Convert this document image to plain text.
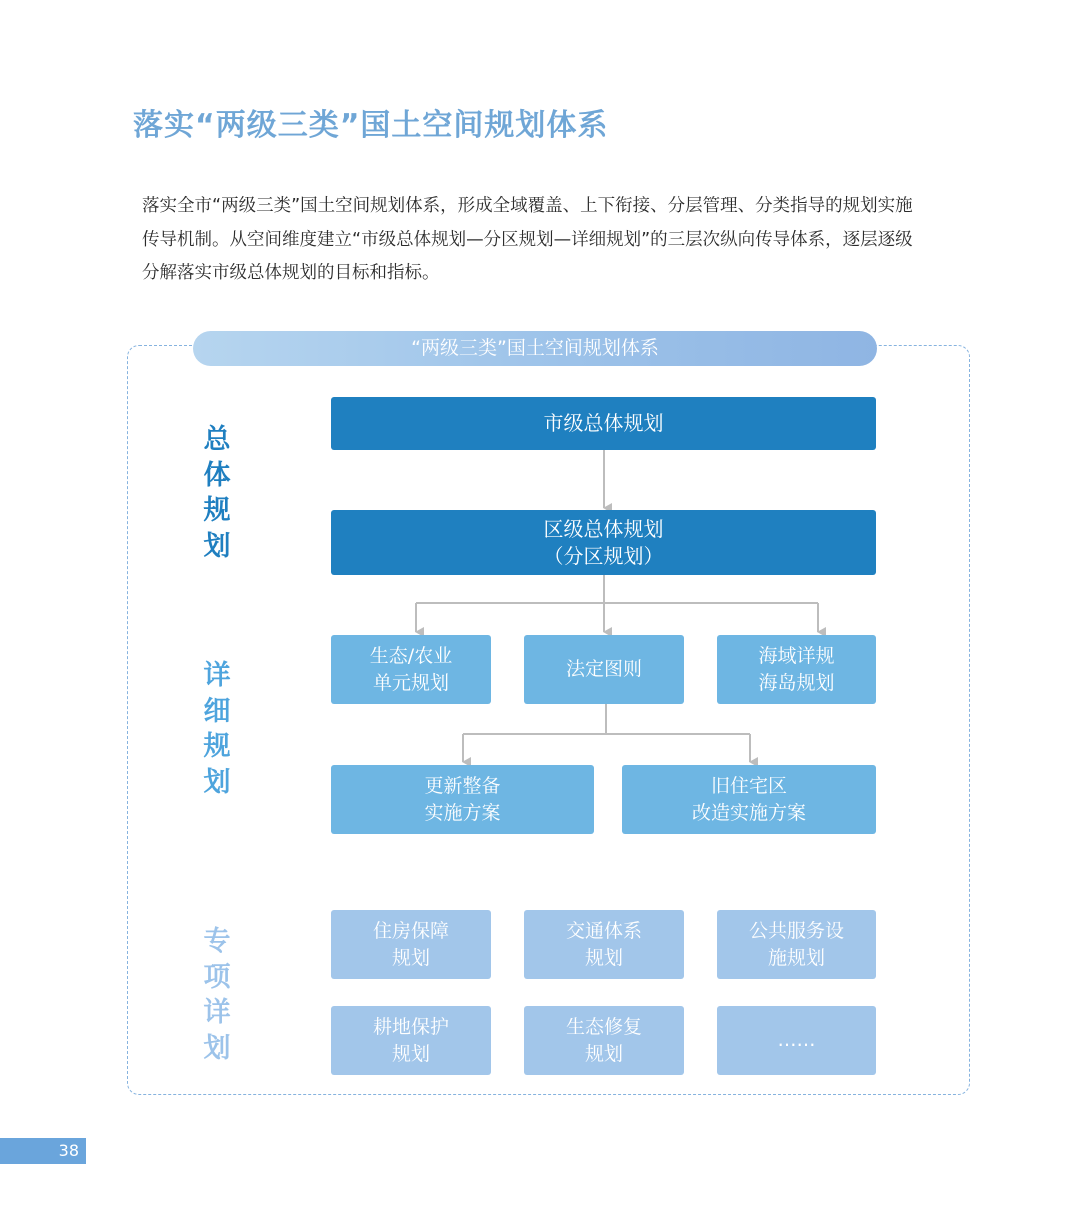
落实“两级三类”国土空间规划体系

落实全市“两级三类”国土空间规划体系，形成全域覆盖、上下衔接、分层管理、分类指导的规划实施

传导机制。从空间维度建立“市级总体规划—分区规划—详细规划”的三层次纵向传导体系，逐层逐级

分解落实市级总体规划的目标和指标。

“两级三类”国土空间规划体系
总
体
规
划
详
细
规
划
专
项
详
划
市级总体规划
区级总体规划
（分区规划）
生态/农业
单元规划
法定图则
海域详规
海岛规划
更新整备
实施方案
旧住宅区
改造实施方案
住房保障
规划
交通体系
规划
公共服务设
施规划
耕地保护
规划
生态修复
规划
……
38
